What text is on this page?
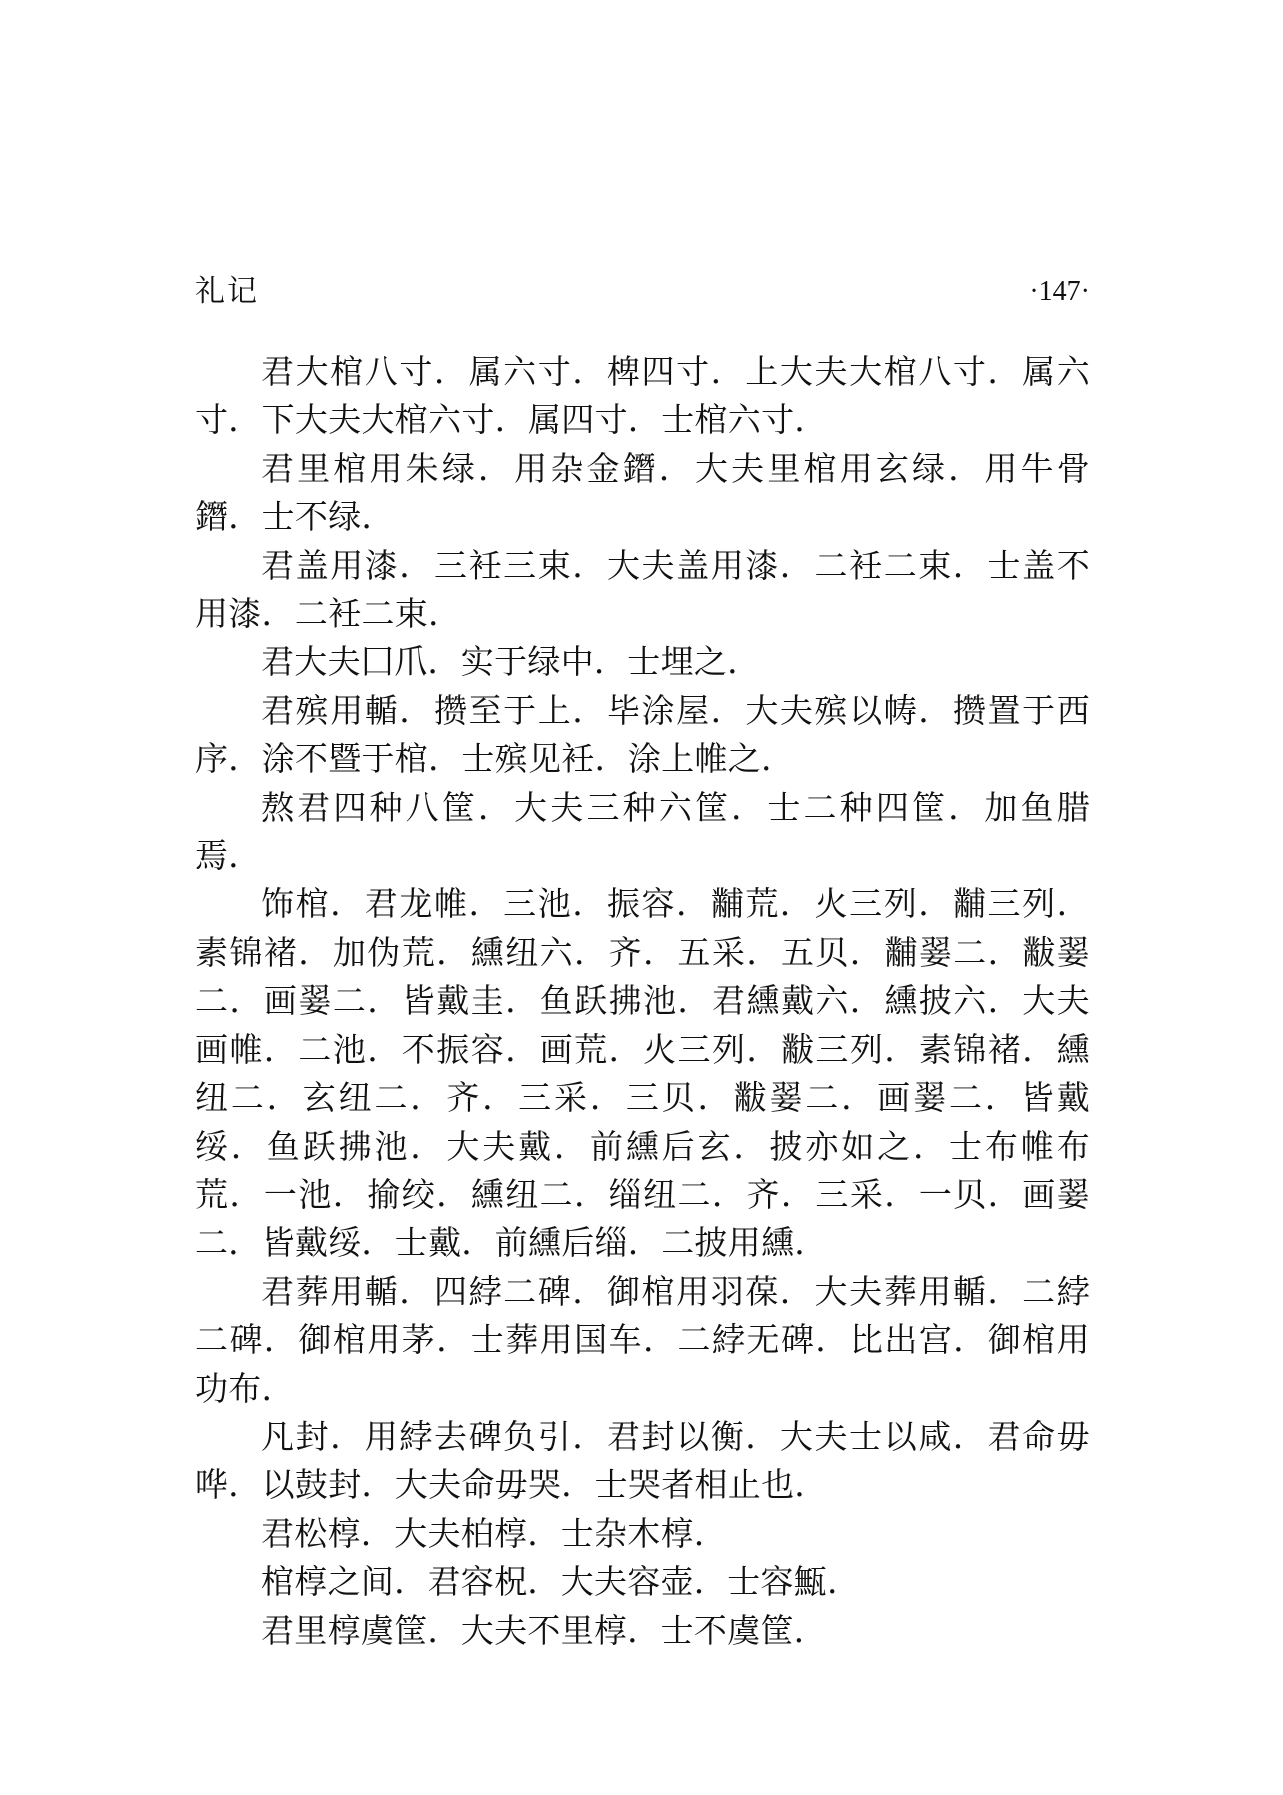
礼记	·147·

君大棺八寸．属六寸．椑四寸．上大夫大棺八寸．属六寸．下大夫大棺六寸．属四寸．士棺六寸．

君里棺用朱绿．用杂金鐕．大夫里棺用玄绿．用牛骨鐕．士不绿．

君盖用漆．三衽三束．大夫盖用漆．二衽二束．士盖不用漆．二衽二束．

君大夫囗爪．实于绿中．士埋之．

君殡用輴．攒至于上．毕涂屋．大夫殡以帱．攒置于西序．涂不暨于棺．士殡见衽．涂上帷之．

熬君四种八筐．大夫三种六筐．士二种四筐．加鱼腊焉．

饰棺．君龙帷．三池．振容．黼荒．火三列．黼三列．素锦褚．加伪荒．纁纽六．齐．五采．五贝．黼翣二．黻翣二．画翣二．皆戴圭．鱼跃拂池．君纁戴六．纁披六．大夫画帷．二池．不振容．画荒．火三列．黻三列．素锦褚．纁纽二．玄纽二．齐．三采．三贝．黻翣二．画翣二．皆戴绥．鱼跃拂池．大夫戴．前纁后玄．披亦如之．士布帷布荒．一池．揄绞．纁纽二．缁纽二．齐．三采．一贝．画翣二．皆戴绥．士戴．前纁后缁．二披用纁．

君葬用輴．四綍二碑．御棺用羽葆．大夫葬用輴．二綍二碑．御棺用茅．士葬用国车．二綍无碑．比出宫．御棺用功布．

凡封．用綍去碑负引．君封以衡．大夫士以咸．君命毋哗．以鼓封．大夫命毋哭．士哭者相止也．

君松椁．大夫柏椁．士杂木椁．

棺椁之间．君容柷．大夫容壶．士容甒．

君里椁虞筐．大夫不里椁．士不虞筐．
